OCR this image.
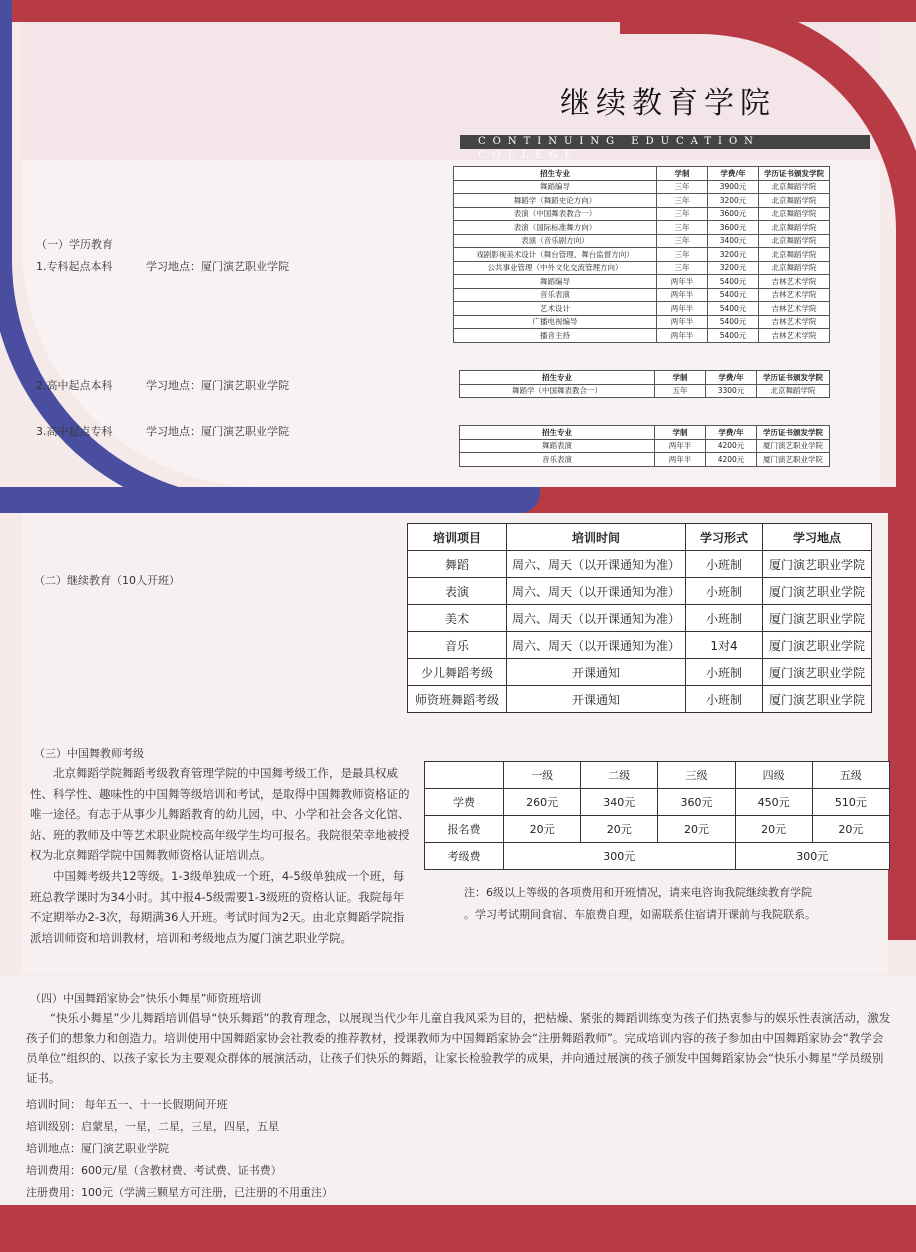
继续教育学院
CONTINUING EDUCATION COLLEGE
（一）学历教育
1.专科起点本科	学习地点：厦门演艺职业学院
2.高中起点本科	学习地点：厦门演艺职业学院
3.高中起点专科	学习地点：厦门演艺职业学院
招生专业	学制	学费/年	学历证书颁发学院
舞蹈编导	三年	3900元	北京舞蹈学院
舞蹈学（舞蹈史论方向）	三年	3200元	北京舞蹈学院
表演（中国舞表教合一）	三年	3600元	北京舞蹈学院
表演（国际标准舞方向）	三年	3600元	北京舞蹈学院
表演（音乐剧方向）	三年	3400元	北京舞蹈学院
戏剧影视美术设计（舞台管理、舞台监督方向）	三年	3200元	北京舞蹈学院
公共事业管理（中外文化交流管理方向）	三年	3200元	北京舞蹈学院
舞蹈编导	两年半	5400元	吉林艺术学院
音乐表演	两年半	5400元	吉林艺术学院
艺术设计	两年半	5400元	吉林艺术学院
广播电视编导	两年半	5400元	吉林艺术学院
播音主持	两年半	5400元	吉林艺术学院
招生专业	学制	学费/年	学历证书颁发学院
舞蹈学（中国舞表教合一）	五年	3300元	北京舞蹈学院
招生专业	学制	学费/年	学历证书颁发学院
舞蹈表演	两年半	4200元	厦门演艺职业学院
音乐表演	两年半	4200元	厦门演艺职业学院
（二）继续教育（10人开班）
培训项目	培训时间	学习形式	学习地点
舞蹈	周六、周天（以开课通知为准）	小班制	厦门演艺职业学院
表演	周六、周天（以开课通知为准）	小班制	厦门演艺职业学院
美术	周六、周天（以开课通知为准）	小班制	厦门演艺职业学院
音乐	周六、周天（以开课通知为准）	1对4	厦门演艺职业学院
少儿舞蹈考级	开课通知	小班制	厦门演艺职业学院
师资班舞蹈考级	开课通知	小班制	厦门演艺职业学院
（三）中国舞教师考级
北京舞蹈学院舞蹈考级教育管理学院的中国舞考级工作，是最具权威性、科学性、趣味性的中国舞等级培训和考试，是取得中国舞教师资格证的唯一途径。有志于从事少儿舞蹈教育的幼儿园，中、小学和社会各文化馆、站、班的教师及中等艺术职业院校高年级学生均可报名。我院很荣幸地被授权为北京舞蹈学院中国舞教师资格认证培训点。
中国舞考级共12等级。1-3级单独成一个班，4-5级单独成一个班，每班总教学课时为34小时。其中报4-5级需要1-3级班的资格认证。我院每年不定期举办2-3次，每期满36人开班。考试时间为2天。由北京舞蹈学院指派培训师资和培训教材，培训和考级地点为厦门演艺职业学院。
	一级	二级	三级	四级	五级
学费	260元	340元	360元	450元	510元
报名费	20元	20元	20元	20元	20元
考级费	300元			300元	
注：6级以上等级的各项费用和开班情况，请来电咨询我院继续教育学院
。学习考试期间食宿、车旅费自理，如需联系住宿请开课前与我院联系。
（四）中国舞蹈家协会“快乐小舞星”师资班培训
“快乐小舞星”少儿舞蹈培训倡导“快乐舞蹈”的教育理念，以展现当代少年儿童自我风采为目的，把枯燥、紧张的舞蹈训练变为孩子们热衷参与的娱乐性表演活动，激发孩子们的想象力和创造力。培训使用中国舞蹈家协会社教委的推荐教材，授课教师为中国舞蹈家协会“注册舞蹈教师”。完成培训内容的孩子参加由中国舞蹈家协会“教学会员单位”组织的、以孩子家长为主要观众群体的展演活动，让孩子们快乐的舞蹈，让家长检验教学的成果，并向通过展演的孩子颁发中国舞蹈家协会“快乐小舞星”学员级别证书。
培训时间： 每年五一、十一长假期间开班
培训级别：启蒙星，一星，二星，三星，四星，五星
培训地点：厦门演艺职业学院
培训费用：600元/星（含教材费、考试费、证书费）
注册费用：100元（学满三颗星方可注册，已注册的不用重注）
